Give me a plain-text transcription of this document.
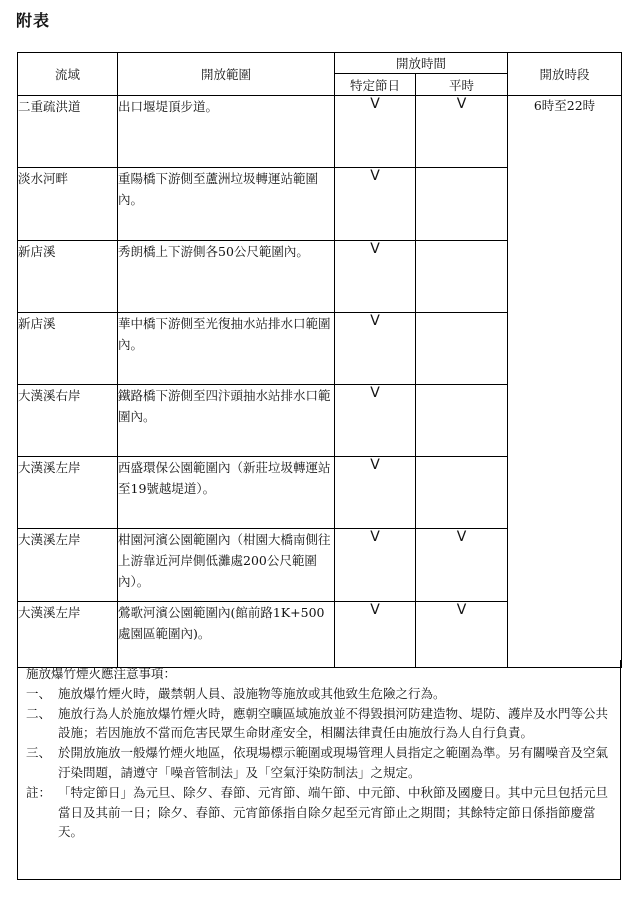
附表
流域	開放範圍	開放時間		開放時段
		特定節日	平時	
二重疏洪道	出口堰堤頂步道。	V	V	6時至22時
淡水河畔	重陽橋下游側至蘆洲垃圾轉運站範圍內。	V		
新店溪	秀朗橋上下游側各50公尺範圍內。	V		
新店溪	華中橋下游側至光復抽水站排水口範圍內。	V		
大漢溪右岸	鐵路橋下游側至四汴頭抽水站排水口範圍內。	V		
大漢溪左岸	西盛環保公園範圍內（新莊垃圾轉運站至19號越堤道）。	V		
大漢溪左岸	柑園河濱公園範圍內（柑園大橋南側往上游靠近河岸側低灘處200公尺範圍內）。	V	V	
大漢溪左岸	鶯歌河濱公園範圍內(館前路1K+500處園區範圍內)。	V	V	
施放爆竹煙火應注意事項：
一、 施放爆竹煙火時，嚴禁朝人員、設施物等施放或其他致生危險之行為。
二、 施放行為人於施放爆竹煙火時，應朝空曠區域施放並不得毀損河防建造物、堤防、護岸及水門等公共設施；若因施放不當而危害民眾生命財產安全，相關法律責任由施放行為人自行負責。
三、 於開放施放一般爆竹煙火地區，依現場標示範圍或現場管理人員指定之範圍為準。另有關噪音及空氣汙染問題，請遵守「噪音管制法」及「空氣汙染防制法」之規定。
註： 「特定節日」為元旦、除夕、春節、元宵節、端午節、中元節、中秋節及國慶日。其中元旦包括元旦當日及其前一日；除夕、春節、元宵節係指自除夕起至元宵節止之期間；其餘特定節日係指節慶當天。
